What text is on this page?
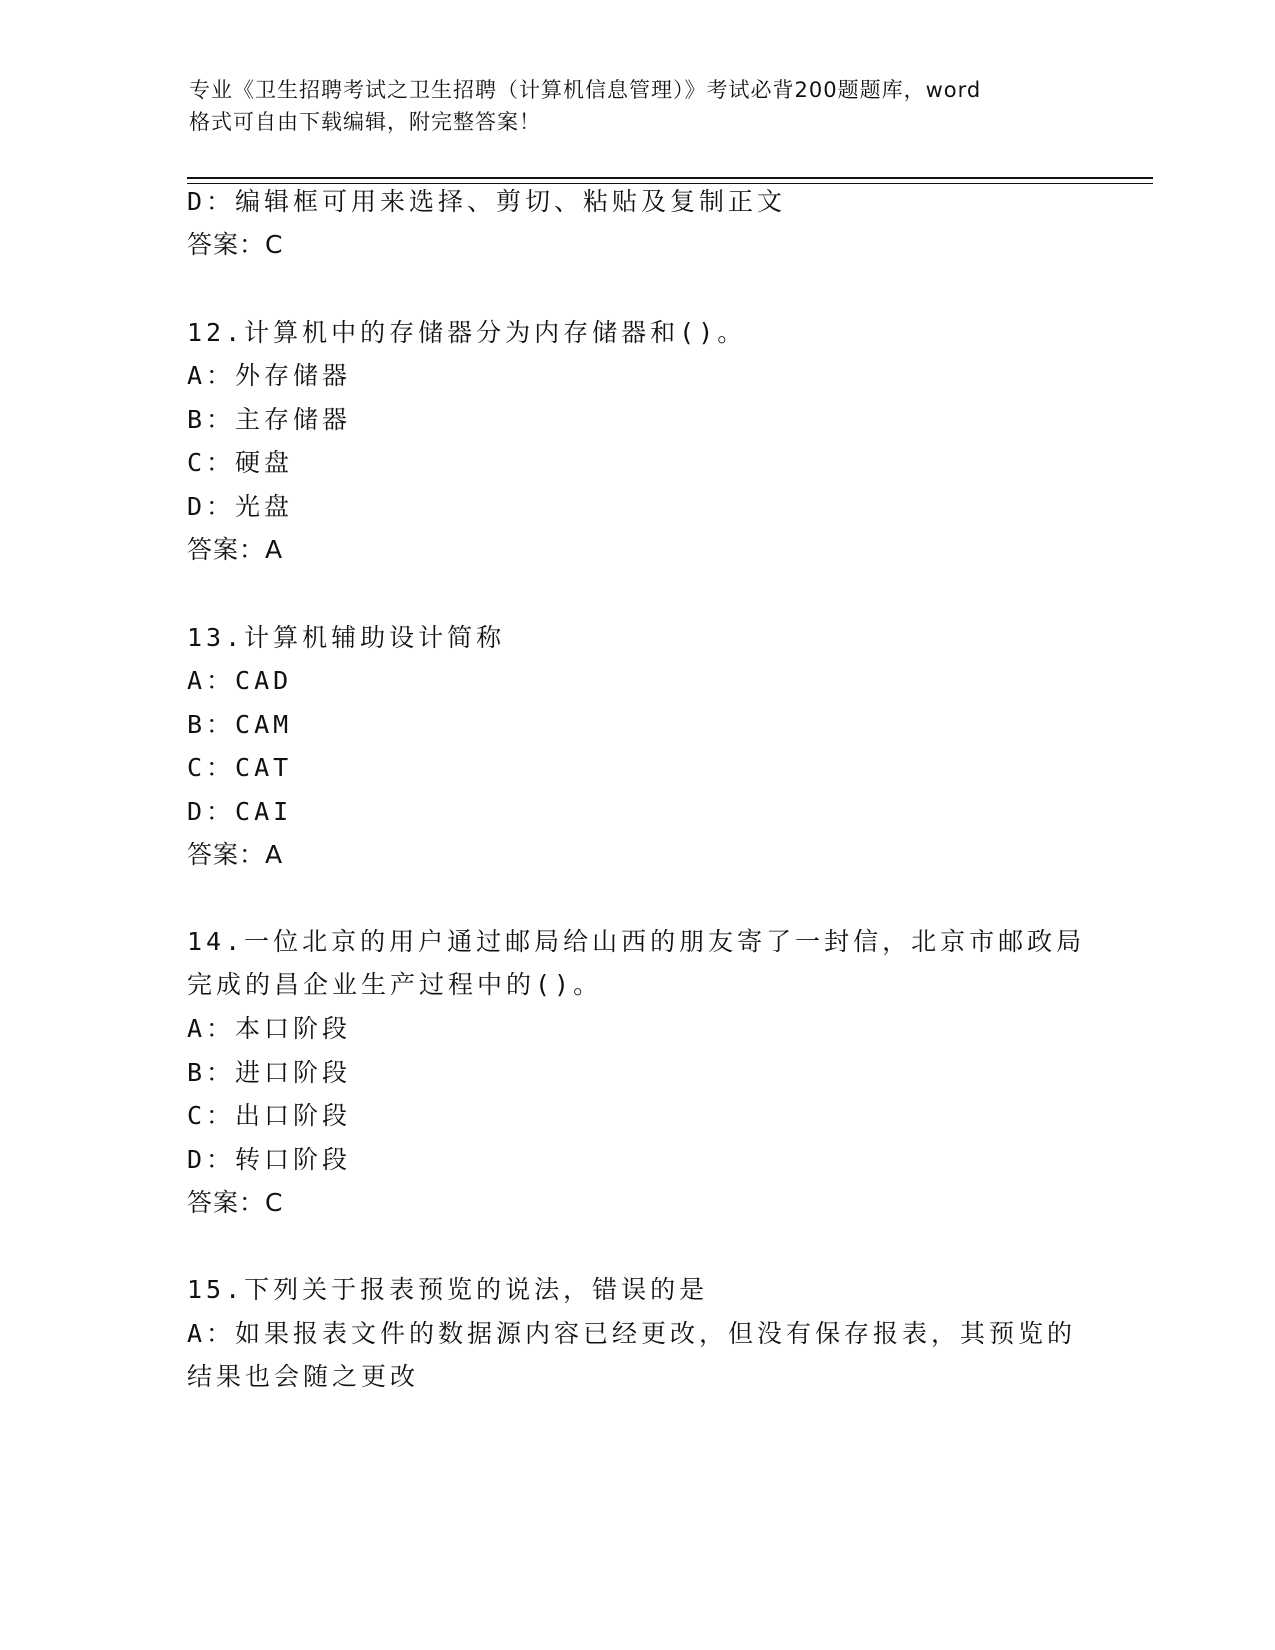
专业《卫生招聘考试之卫生招聘（计算机信息管理）》考试必背200题题库，word
格式可自由下载编辑，附完整答案！
D：编辑框可用来选择、剪切、粘贴及复制正文
答案：C
12.计算机中的存储器分为内存储器和()。
A：外存储器
B：主存储器
C：硬盘
D：光盘
答案：A
13.计算机辅助设计简称
A：CAD
B：CAM
C：CAT
D：CAI
答案：A
14.一位北京的用户通过邮局给山西的朋友寄了一封信，北京市邮政局
完成的昌企业生产过程中的()。
A：本口阶段
B：进口阶段
C：出口阶段
D：转口阶段
答案：C
15.下列关于报表预览的说法，错误的是
A：如果报表文件的数据源内容已经更改，但没有保存报表，其预览的
结果也会随之更改
